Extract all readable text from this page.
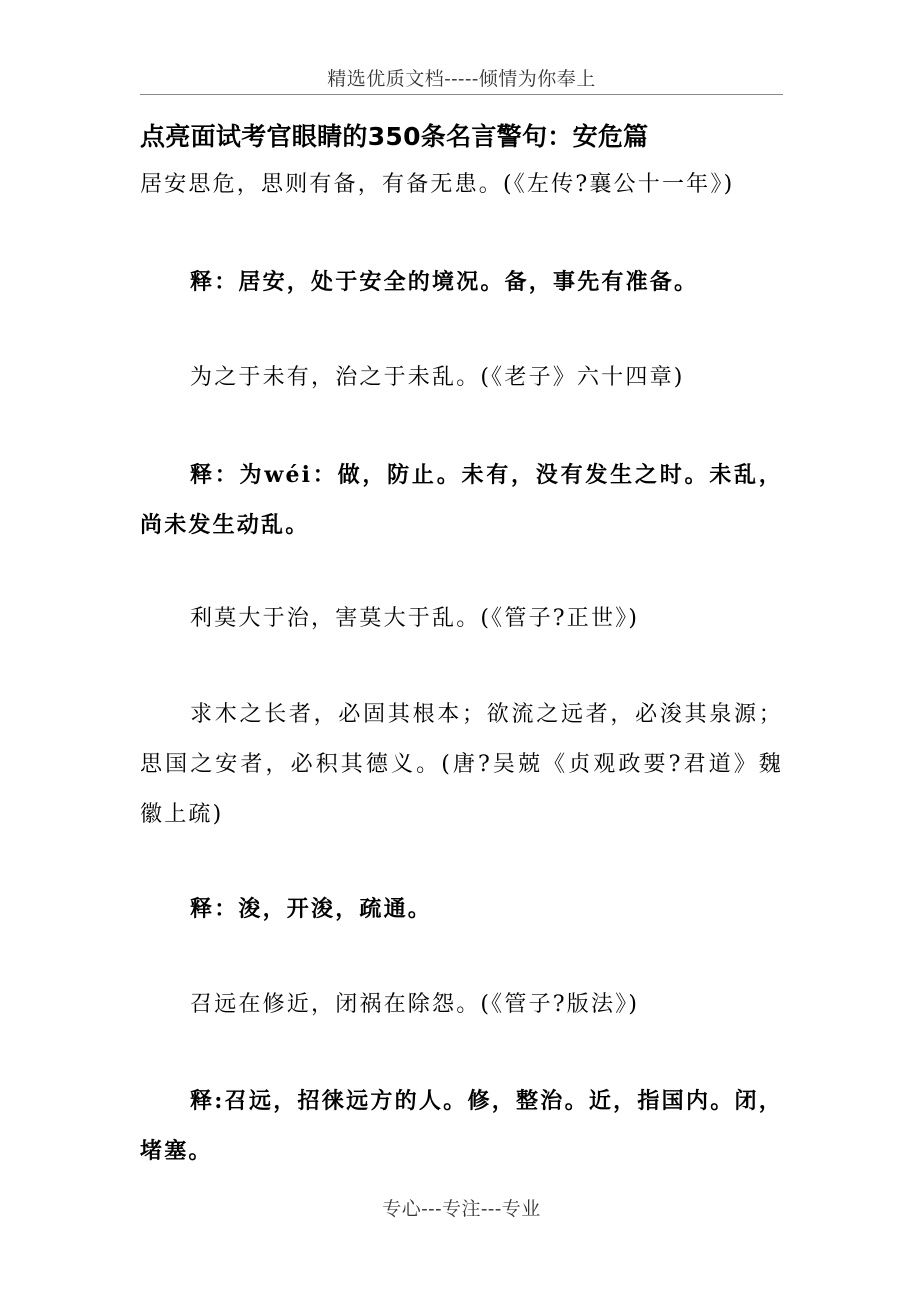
精选优质文档-----倾情为你奉上
点亮面试考官眼睛的350条名言警句：安危篇
居安思危，思则有备，有备无患。(《左传?襄公十一年》)
释：居安，处于安全的境况。备，事先有准备。
为之于未有，治之于未乱。(《老子》六十四章)
释：为wéi：做，防止。未有，没有发生之时。未乱，尚未发生动乱。
利莫大于治，害莫大于乱。(《管子?正世》)
求木之长者，必固其根本；欲流之远者，必浚其泉源；思国之安者，必积其德义。(唐?吴兢《贞观政要?君道》魏徽上疏)
释：浚，开浚，疏通。
召远在修近，闭祸在除怨。(《管子?版法》)
释:召远，招徕远方的人。修，整治。近，指国内。闭，堵塞。
专心---专注---专业
